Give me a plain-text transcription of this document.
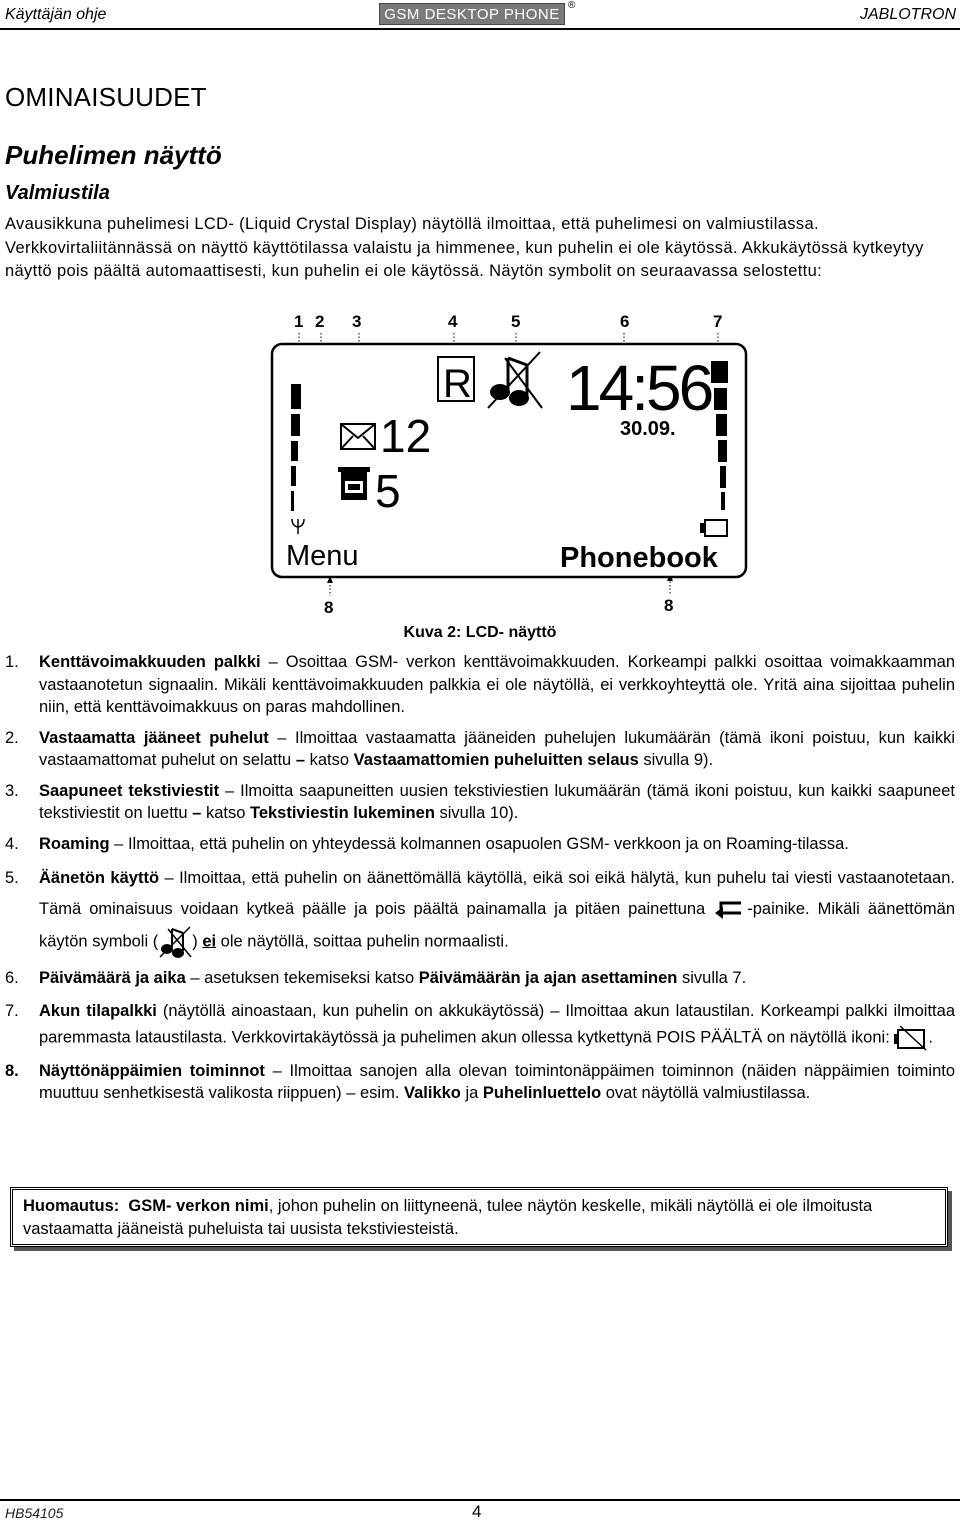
Käyttäjän ohje	GSM DESKTOP PHONE
®
JABLOTRON
OMINAISUUDET
Puhelimen näyttö
Valmiustila
Avausikkuna puhelimesi LCD- (Liquid Crystal Display) näytöllä ilmoittaa, että puhelimesi on valmiustilassa. Verkkovirtaliitännässä on näyttö käyttötilassa valaistu ja himmenee, kun puhelin ei ole käytössä. Akkukäytössä kytkeytyy näyttö pois päältä automaattisesti, kun puhelin ei ole käytössä. Näytön symbolit on seuraavassa selostettu:
1 2 3	4	5	6	7
8	8
12
5
R 14:56
30.09.
Menu	Phonebook
Kuva 2: LCD- näyttö
1. Kenttävoimakkuuden palkki – Osoittaa GSM- verkon kenttävoimakkuuden. Korkeampi palkki osoittaa voimakkaamman vastaanotetun signaalin. Mikäli kenttävoimakkuuden palkkia ei ole näytöllä, ei verkkoyhteyttä ole. Yritä aina sijoittaa puhelin niin, että kenttävoimakkuus on paras mahdollinen.
2. Vastaamatta jääneet puhelut – Ilmoittaa vastaamatta jääneiden puhelujen lukumäärän (tämä ikoni poistuu, kun kaikki vastaamattomat puhelut on selattu – katso Vastaamattomien puheluitten selaus sivulla 9).
3. Saapuneet tekstiviestit – Ilmoitta saapuneitten uusien tekstiviestien lukumäärän (tämä ikoni poistuu, kun kaikki saapuneet tekstiviestit on luettu – katso Tekstiviestin lukeminen sivulla 10).
4. Roaming – Ilmoittaa, että puhelin on yhteydessä kolmannen osapuolen GSM- verkkoon ja on Roaming-tilassa.
5. Äänetön käyttö – Ilmoittaa, että puhelin on äänettömällä käytöllä, eikä soi eikä hälytä, kun puhelu tai viesti vastaanotetaan. Tämä ominaisuus voidaan kytkeä päälle ja pois päältä painamalla ja pitäen painettuna -painike. Mikäli äänettömän käytön symboli ( ) ei ole näytöllä, soittaa puhelin normaalisti.
6. Päivämäärä ja aika – asetuksen tekemiseksi katso Päivämäärän ja ajan asettaminen sivulla 7.
7. Akun tilapalkki (näytöllä ainoastaan, kun puhelin on akkukäytössä) – Ilmoittaa akun lataustilan. Korkeampi palkki ilmoittaa paremmasta lataustilasta. Verkkovirtakäytössä ja puhelimen akun ollessa kytkettynä POIS PÄÄLTÄ on näytöllä ikoni: .
8. Näyttönäppäimien toiminnot – Ilmoittaa sanojen alla olevan toimintonäppäimen toiminnon (näiden näppäimien toiminto muuttuu senhetkisestä valikosta riippuen) – esim. Valikko ja Puhelinluettelo ovat näytöllä valmiustilassa.
Huomautus: GSM- verkon nimi, johon puhelin on liittyneenä, tulee näytön keskelle, mikäli näytöllä ei ole ilmoitusta vastaamatta jääneistä puheluista tai uusista tekstiviesteistä.
HB54105	4
